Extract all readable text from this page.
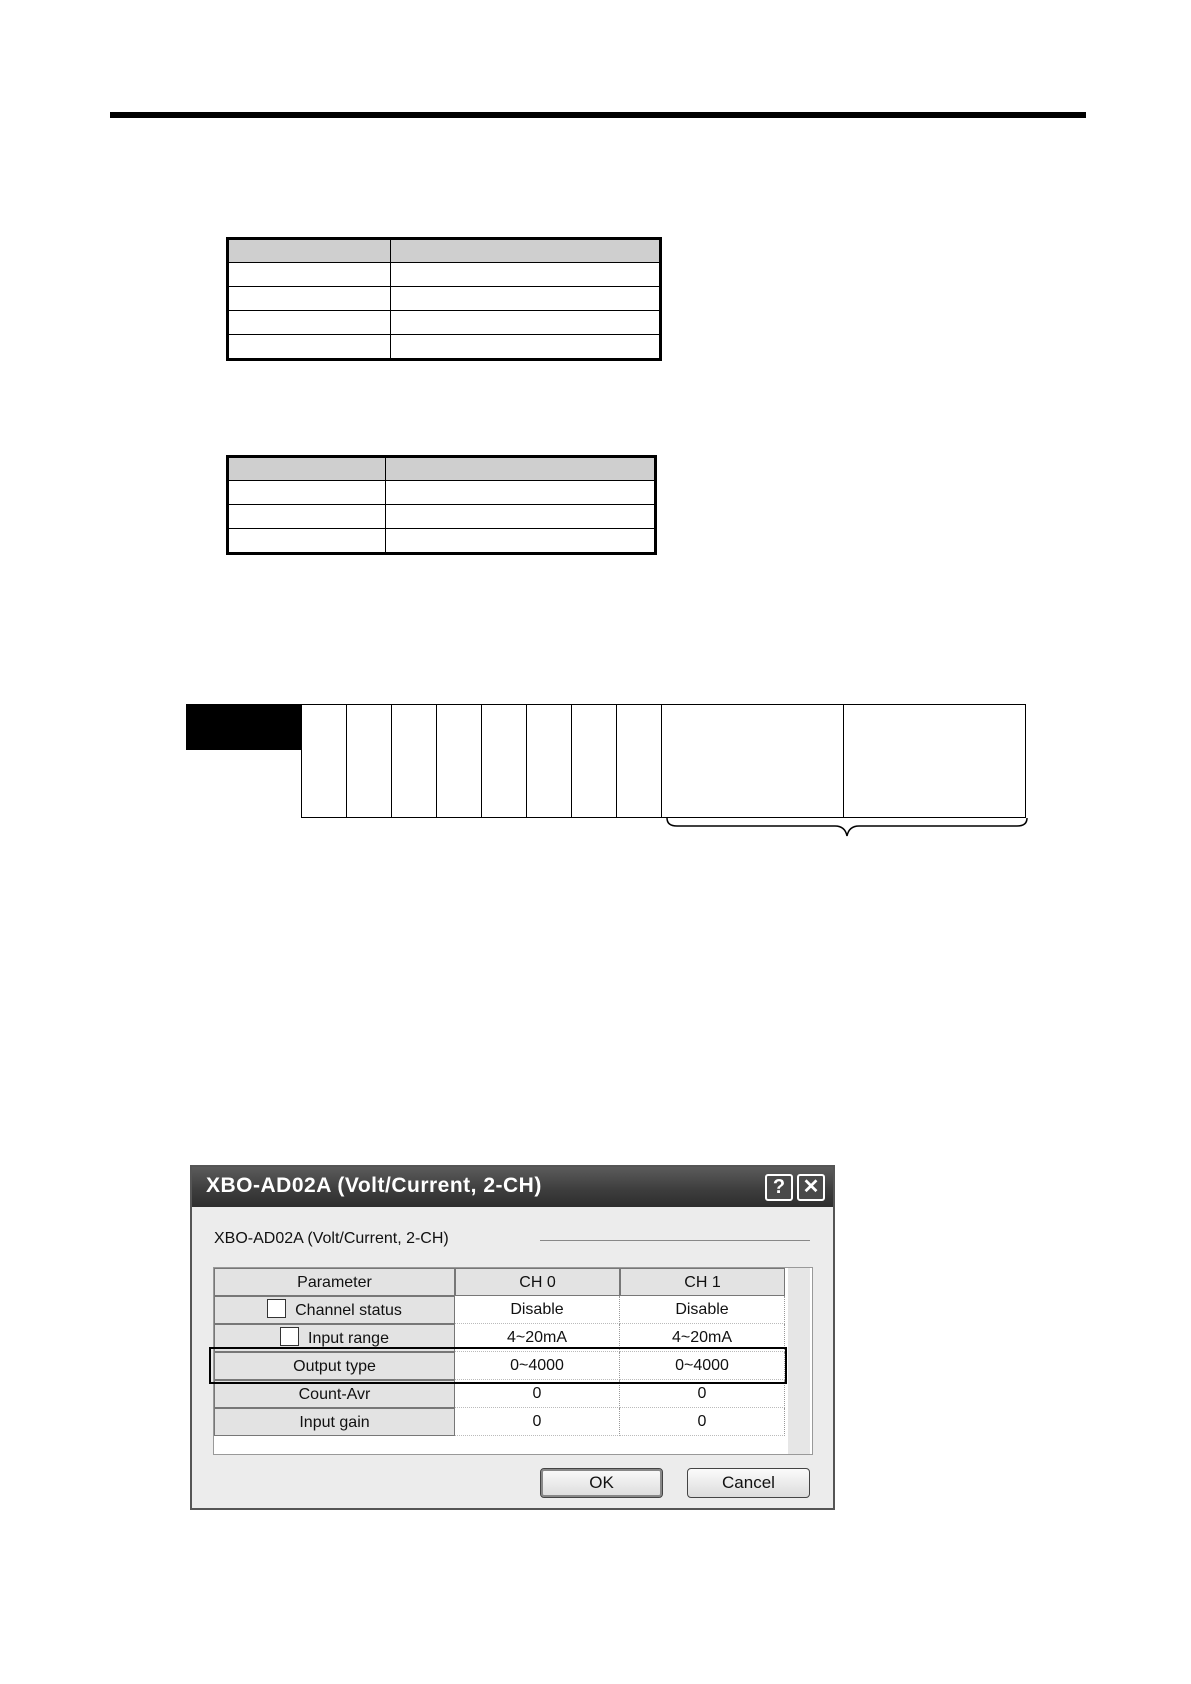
XBO-AD02A (Volt/Current, 2-CH)	? ✕
XBO-AD02A (Volt/Current, 2-CH)
Parameter	CH 0	CH 1
Channel status	Disable	Disable
Input range	4~20mA	4~20mA
Output type	0~4000	0~4000
Count-Avr	0	0
Input gain	0	0
OK	Cancel
